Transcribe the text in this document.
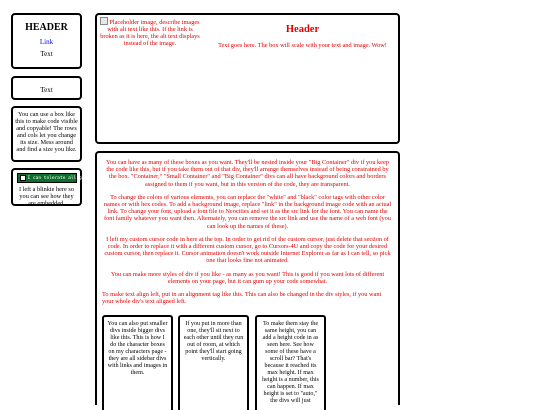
HEADER
Link
Text
Text
You can use a box like this to make code visible and copyable! The rows and cols let you change its size. Mess around and find a size you like.
I can tolerate alligator
I left a blinkie here so you can see how they are embedded.
Placeholder image, describe images with alt text like this. If the link is broken as it is here, the alt text displays instead of the image.
Header
Text goes here. The box will scale with your text and image. Wow!

You can have as many of these boxes as you want. They'll be nested inside your "Big Container" div if you keep the code like this, but if you take them out of that div, they'll arrange themselves instead of being constrained by the box. "Container," "Small Container" and "Big Container" divs can all have background colors and borders assigned to them if you want, but in this version of the code, they are transparent.

To change the colors of various elements, you can replace the "white" and "black" color tags with other color names or with hex codes. To add a background image, replace "link" in the background image code with an actual link. To change your font, upload a font file to Neocities and set it as the src link for the font. You can name the font family whatever you want then. Alternately, you can remove the src link and use the name of a web font (you can look up the names of these).

I left my custom cursor code in here at the top. In order to get rid of the custom cursor, just delete that section of code. In order to replace it with a different custom cursor, go to Cursors-4U and copy the code for your desired custom cursor, then replace it. Cursor animation doesn't work outside Internet Explorer as far as I can tell, so pick one that looks fine not animated.

You can make more styles of div if you like - as many as you want! This is good if you want lots of different elements on your page, but it can gum up your code somewhat.

To make text align left, put in an alignment tag like this. This can also be changed in the div styles, if you want your whole div's text aligned left.

You can also put smaller divs inside bigger divs like this. This is how I do the character boxes on my characters page - they are all sidebar divs with links and images in them.
If you put in more than one, they'll sit next to each other until they run out of room, at which point they'll start going vertically.
To make them stay the same height, you can add a height code in as seen here. See how some of these have a scroll bar? That's because it reached its max height. If max height is a number, this can happen. If max height is set to "auto," the divs will just
